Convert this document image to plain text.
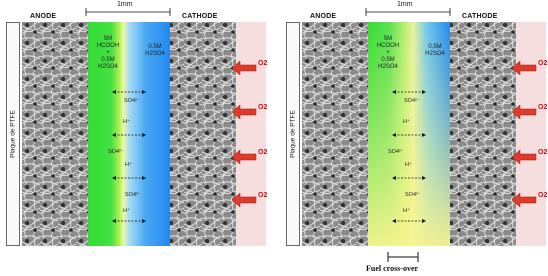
ANODE	CATHODE
1mm
Plaque de PTFE
5M
HCOOH
+
0,5M
H2SO4
0,5M
H2SO4
SO4²⁻
H⁺
SO4²⁻
H⁺
SO4²⁻
H⁺
O2
O2
O2
O2
ANODE	CATHODE
1mm
Plaque de PTFE
5M
HCOOH
+
0,5M
H2SO4
0,5M
H2SO4
SO4²⁻
H⁺
SO4²⁻
H⁺
SO4²⁻
H⁺
O2
O2
O2
O2
Fuel cross-over
